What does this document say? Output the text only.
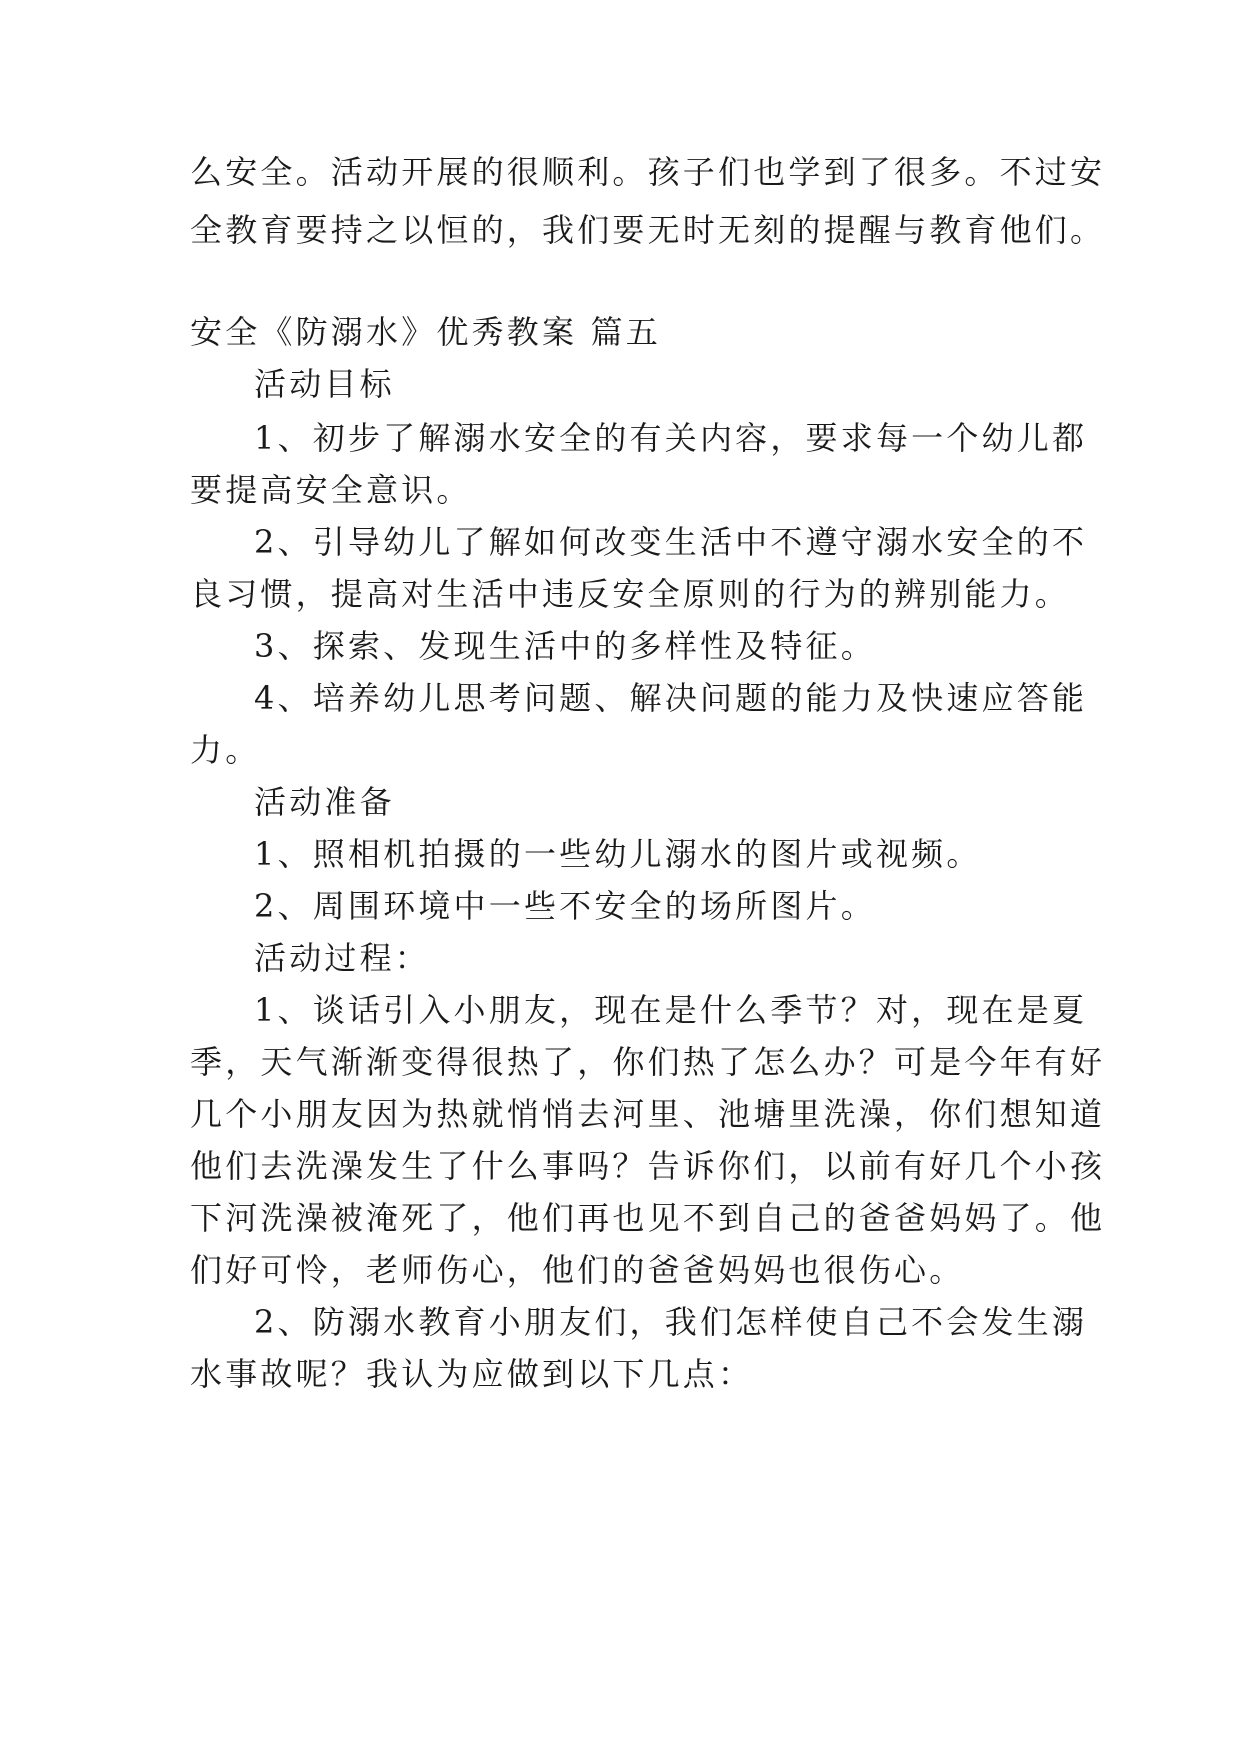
么安全。活动开展的很顺利。孩子们也学到了很多。不过安
全教育要持之以恒的，我们要无时无刻的提醒与教育他们。
安全《防溺水》优秀教案 篇五
活动目标
1、初步了解溺水安全的有关内容，要求每一个幼儿都
要提高安全意识。
2、引导幼儿了解如何改变生活中不遵守溺水安全的不
良习惯，提高对生活中违反安全原则的行为的辨别能力。
3、探索、发现生活中的多样性及特征。
4、培养幼儿思考问题、解决问题的能力及快速应答能
力。
活动准备
1、照相机拍摄的一些幼儿溺水的图片或视频。
2、周围环境中一些不安全的场所图片。
活动过程：
1、谈话引入小朋友，现在是什么季节？对，现在是夏
季，天气渐渐变得很热了，你们热了怎么办？可是今年有好
几个小朋友因为热就悄悄去河里、池塘里洗澡，你们想知道
他们去洗澡发生了什么事吗？告诉你们，以前有好几个小孩
下河洗澡被淹死了，他们再也见不到自己的爸爸妈妈了。他
们好可怜，老师伤心，他们的爸爸妈妈也很伤心。
2、防溺水教育小朋友们，我们怎样使自己不会发生溺
水事故呢？我认为应做到以下几点：
